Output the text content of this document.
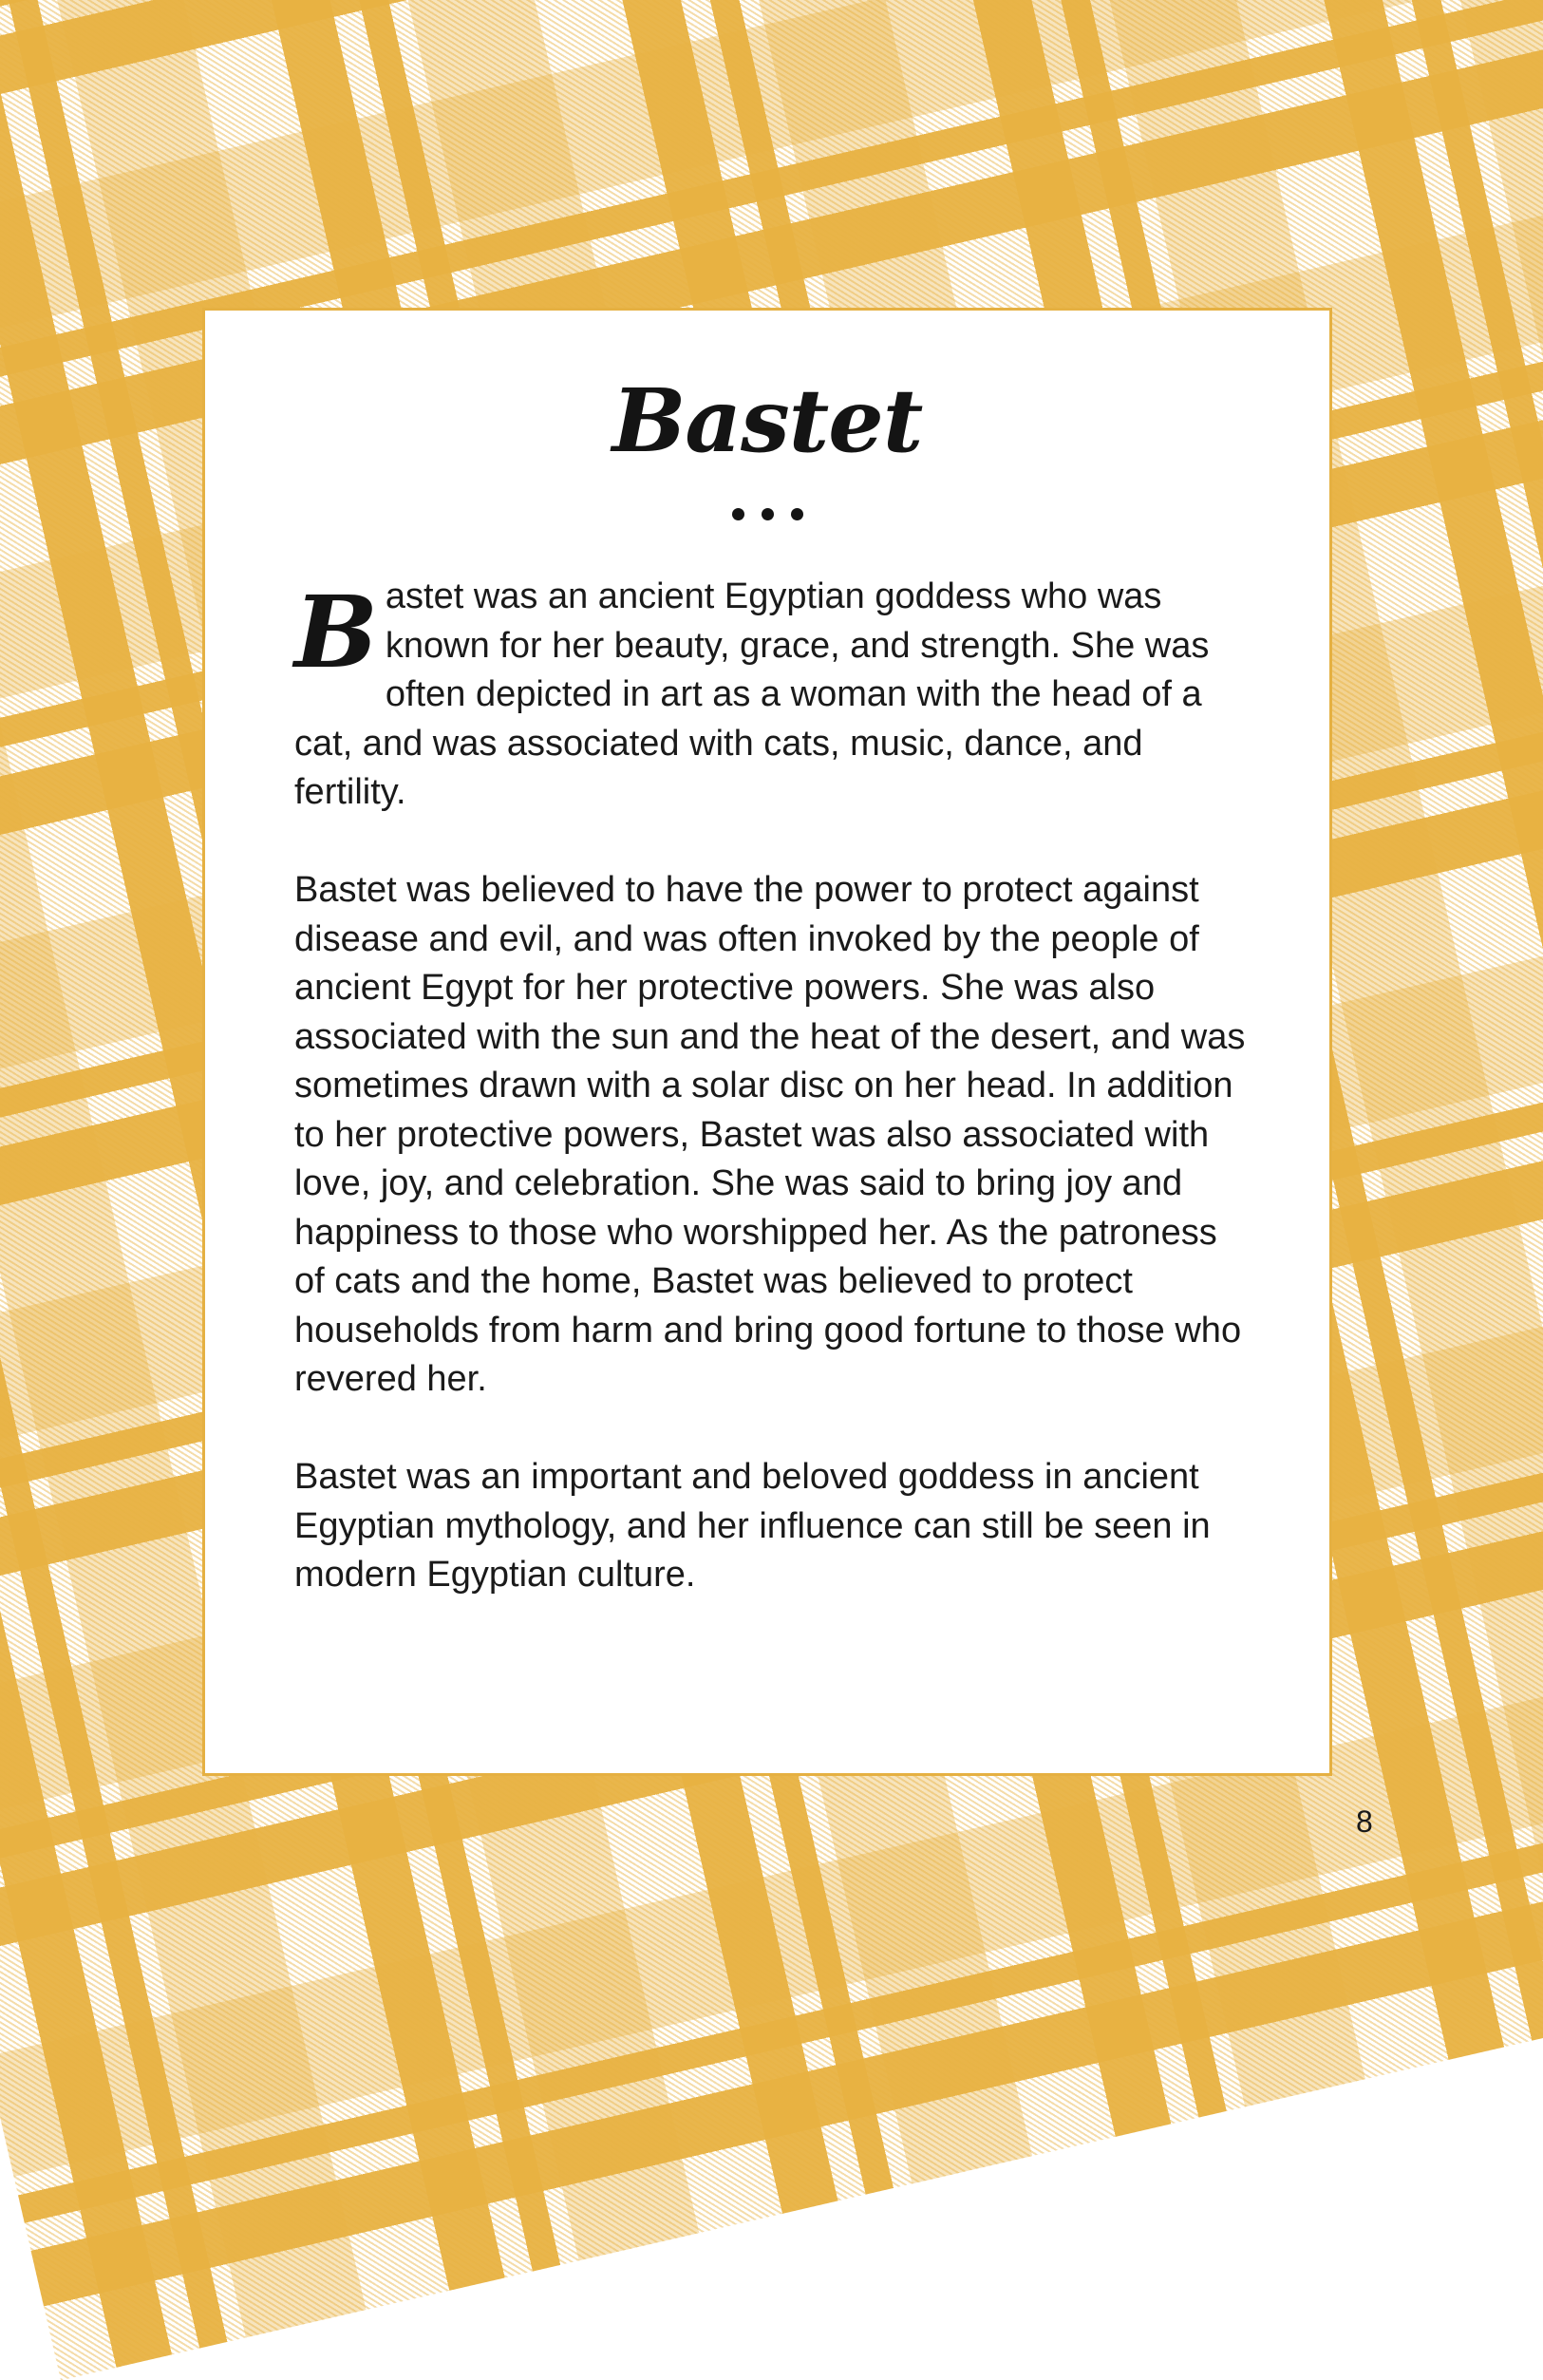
Bastet

Bastet was an ancient Egyptian goddess who was known for her beauty, grace, and strength. She was often depicted in art as a woman with the head of a cat, and was associated with cats, music, dance, and fertility.

Bastet was believed to have the power to protect against disease and evil, and was often invoked by the people of ancient Egypt for her protective powers. She was also associated with the sun and the heat of the desert, and was sometimes drawn with a solar disc on her head. In addition to her protective powers, Bastet was also associated with love, joy, and celebration. She was said to bring joy and happiness to those who worshipped her. As the patroness of cats and the home, Bastet was believed to protect households from harm and bring good fortune to those who revered her.

Bastet was an important and beloved goddess in ancient Egyptian mythology, and her influence can still be seen in modern Egyptian culture.

8
